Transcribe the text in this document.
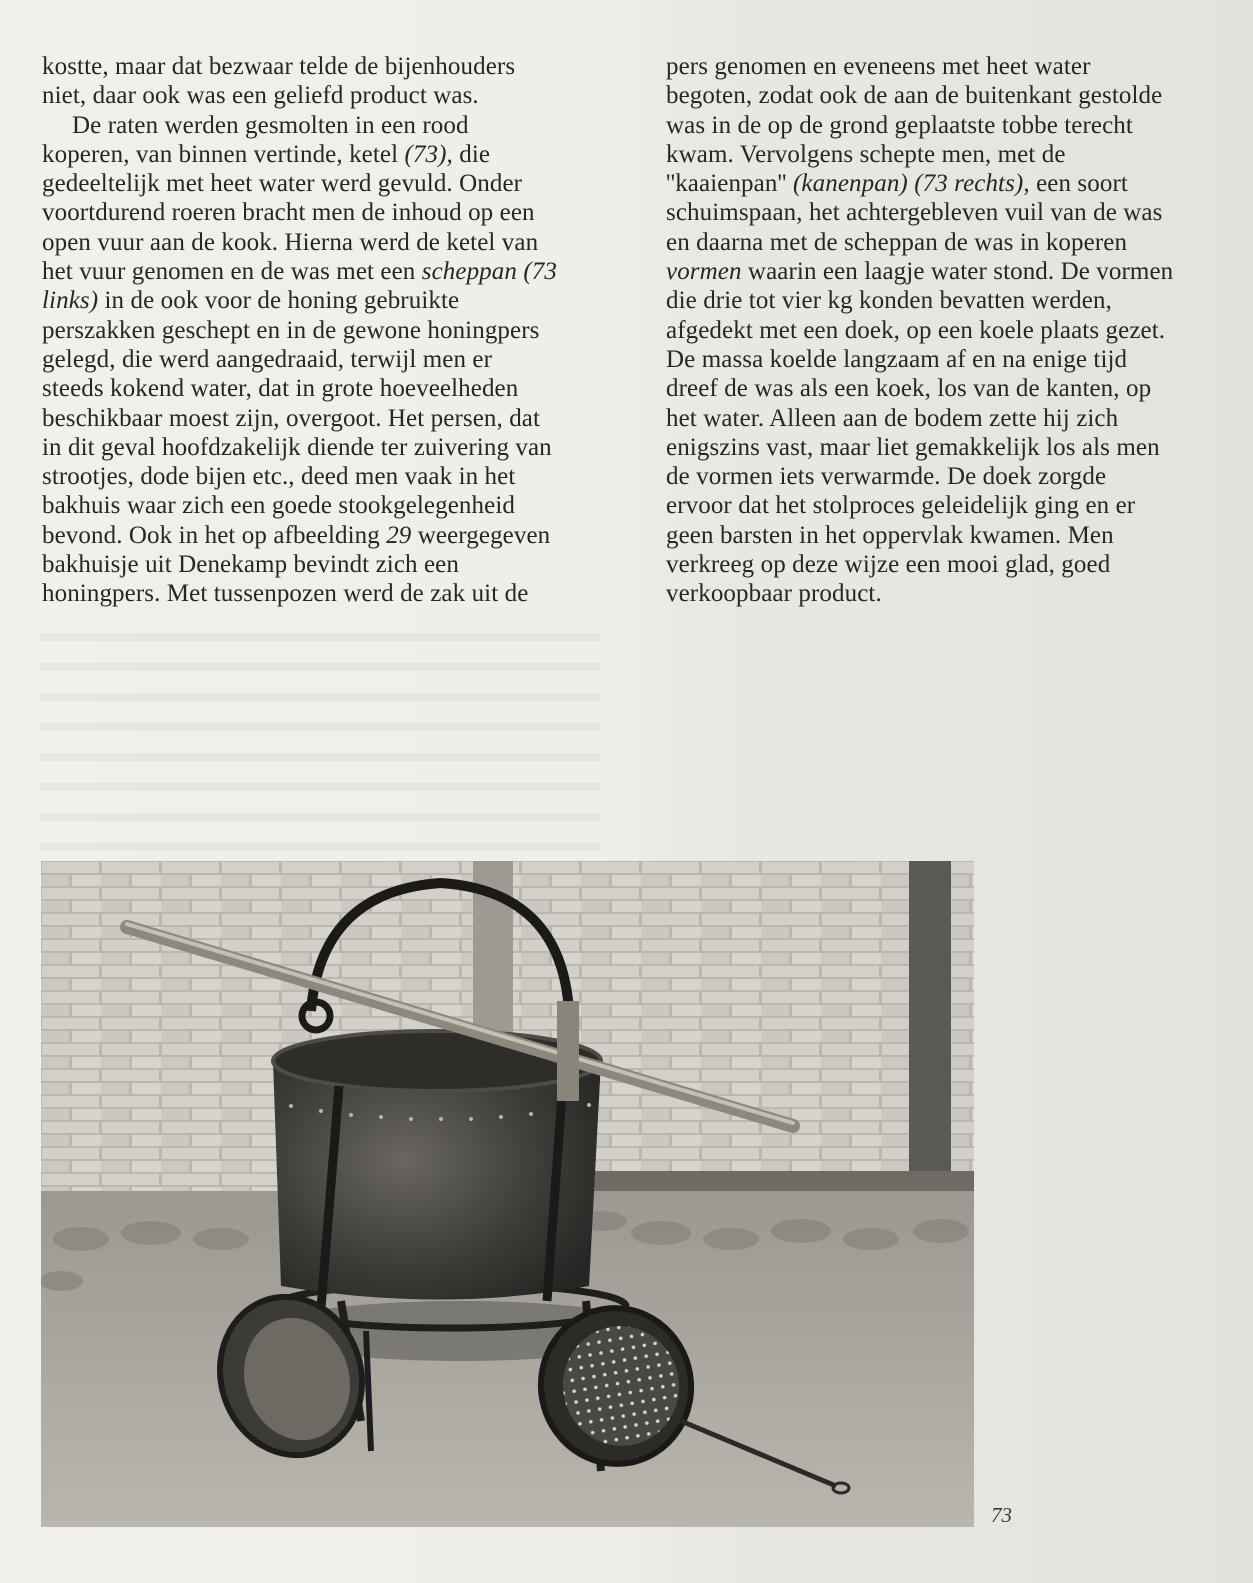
kostte, maar dat bezwaar telde de bijenhouders
niet, daar ook was een geliefd product was.
De raten werden gesmolten in een rood
koperen, van binnen vertinde, ketel (73), die
gedeeltelijk met heet water werd gevuld. Onder
voortdurend roeren bracht men de inhoud op een
open vuur aan de kook. Hierna werd de ketel van
het vuur genomen en de was met een scheppan (73
links) in de ook voor de honing gebruikte
perszakken geschept en in de gewone honingpers
gelegd, die werd aangedraaid, terwijl men er
steeds kokend water, dat in grote hoeveelheden
beschikbaar moest zijn, overgoot. Het persen, dat
in dit geval hoofdzakelijk diende ter zuivering van
strootjes, dode bijen etc., deed men vaak in het
bakhuis waar zich een goede stookgelegenheid
bevond. Ook in het op afbeelding 29 weergegeven
bakhuisje uit Denekamp bevindt zich een
honingpers. Met tussenpozen werd de zak uit de
pers genomen en eveneens met heet water
begoten, zodat ook de aan de buitenkant gestolde
was in de op de grond geplaatste tobbe terecht
kwam. Vervolgens schepte men, met de
''kaaienpan'' (kanenpan) (73 rechts), een soort
schuimspaan, het achtergebleven vuil van de was
en daarna met de scheppan de was in koperen
vormen waarin een laagje water stond. De vormen
die drie tot vier kg konden bevatten werden,
afgedekt met een doek, op een koele plaats gezet.
De massa koelde langzaam af en na enige tijd
dreef de was als een koek, los van de kanten, op
het water. Alleen aan de bodem zette hij zich
enigszins vast, maar liet gemakkelijk los als men
de vormen iets verwarmde. De doek zorgde
ervoor dat het stolproces geleidelijk ging en er
geen barsten in het oppervlak kwamen. Men
verkreeg op deze wijze een mooi glad, goed
verkoopbaar product.
73
